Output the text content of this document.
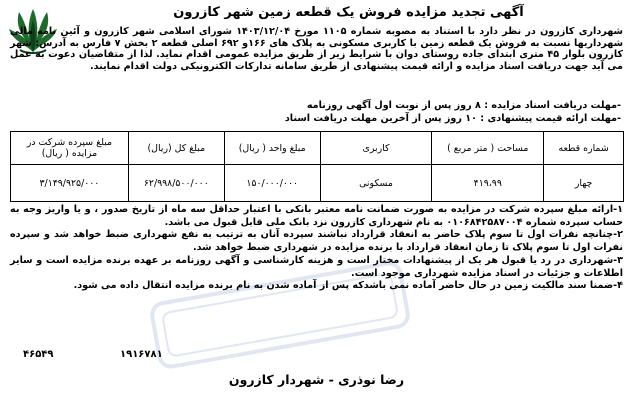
آگهی تجدید مزایده فروش یک قطعه زمین شهر کازرون
شهرداری کازرون در نظر دارد با استناد به مصوبه شماره ۱۱۰۵ مورخ ۱۴۰۳/۱۲/۰۴ شورای اسلامی شهر کازرون و آئین نامه مالی شهرداریها نسبت به فروش یک قطعه زمین با کاربری مسکونی به پلاک های ۱۶۶و ۶۹۲ اصلی قطعه ۲ بخش ۷ فارس به آدرس: شهر کازرون بلوار ۴۵ متری ابتدای جاده روستای دوان با شرایط زیر از طریق مزایده عمومی اقدام نماید. لذا از متقاضیان دعوت به عمل می آید جهت دریافت اسناد مزایده و ارائه قیمت پیشنهادی از طریق سامانه تدارکات الکترونیکی دولت اقدام نمایند.
-مهلت دریافت اسناد مزایده : ۸ روز پس از نوبت اول آگهی روزنامه
-مهلت ارائه قیمت پیشنهادی : ۱۰ روز پس از آخرین مهلت دریافت اسناد
شماره قطعه	مساحت ( متر مربع )	کاربری	مبلغ واحد ( ریال)	مبلغ کل (ریال)	مبلغ سپرده شرکت در مزایده ( ریال)
چهار	۴۱۹،۹۹	مسکونی	۱۵۰/۰۰۰/۰۰۰	۶۲/۹۹۸/۵۰۰/۰۰۰	۳/۱۴۹/۹۲۵/۰۰۰

۱-ارائه مبلغ سپرده شرکت در مزایده به صورت ضمانت نامه معتبر بانکی با اعتبار حداقل سه ماه از تاریخ صدور ، و یا واریز وجه به حساب سپرده شماره ۰۱۰۶۸۴۲۵۸۷۰۰۴ به نام شهرداری کازرون نزد بانک ملی قابل قبول می باشد.

۲-چنانچه نفرات اول تا سوم پلاک حاضر به انعقاد قرارداد نباشند سپرده آنان به ترتیب به نفع شهرداری ضبط خواهد شد و سپرده نفرات اول تا سوم پلاک تا زمان انعقاد قرارداد با برنده مزایده در شهرداری ضبط خواهد شد.

۳-شهرداری در رد یا قبول هر یک از پیشنهادات مختار است و هزینه کارشناسی و آگهی روزنامه بر عهده برنده مزایده است و سایر اطلاعات و جزئیات در اسناد مزایده شهرداری موجود است.

۴-ضمنا سند مالکیت زمین در حال حاضر آماده نمی باشدکه پس از آماده شدن به نام برنده مزایده انتقال داده می شود.

۴۶۵۴۹	۱۹۱۶۷۸۱
رضا نوذری - شهردار کازرون
